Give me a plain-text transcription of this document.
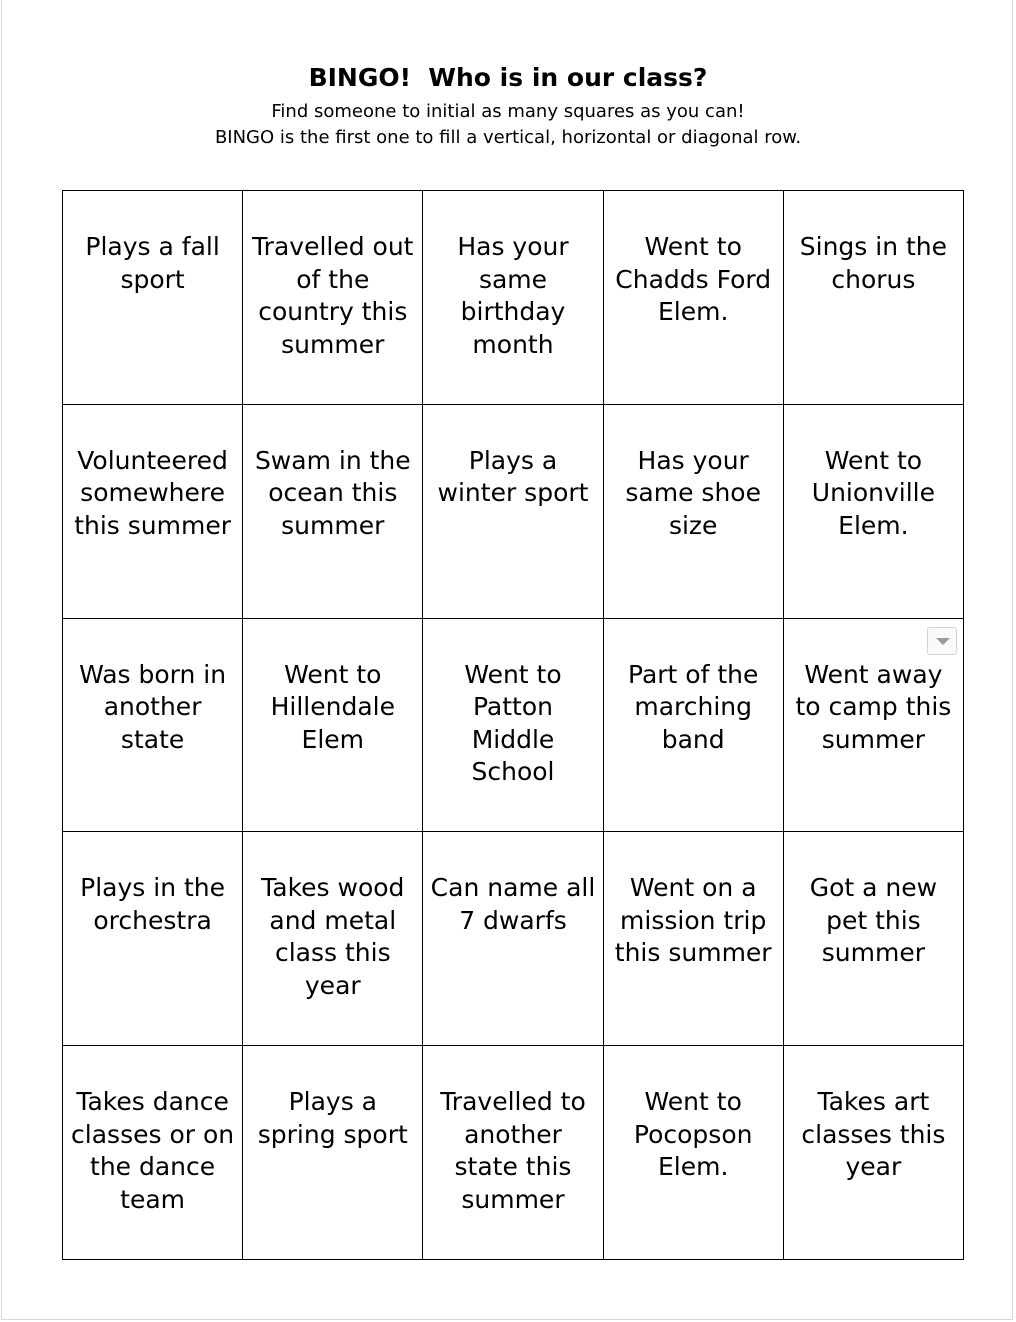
BINGO!  Who is in our class?
Find someone to initial as many squares as you can!
BINGO is the first one to fill a vertical, horizontal or diagonal row.
Plays a fall sport
Travelled out of the country this summer
Has your same birthday month
Went to Chadds Ford Elem.
Sings in the chorus
Volunteered somewhere this summer
Swam in the ocean this summer
Plays a winter sport
Has your same shoe size
Went to Unionville Elem.
Was born in another state
Went to Hillendale Elem
Went to Patton Middle School
Part of the marching band
Went away to camp this summer
Plays in the orchestra
Takes wood and metal class this year
Can name all 7 dwarfs
Went on a mission trip this summer
Got a new pet this summer
Takes dance classes or on the dance team
Plays a spring sport
Travelled to another state this summer
Went to Pocopson Elem.
Takes art classes this year
